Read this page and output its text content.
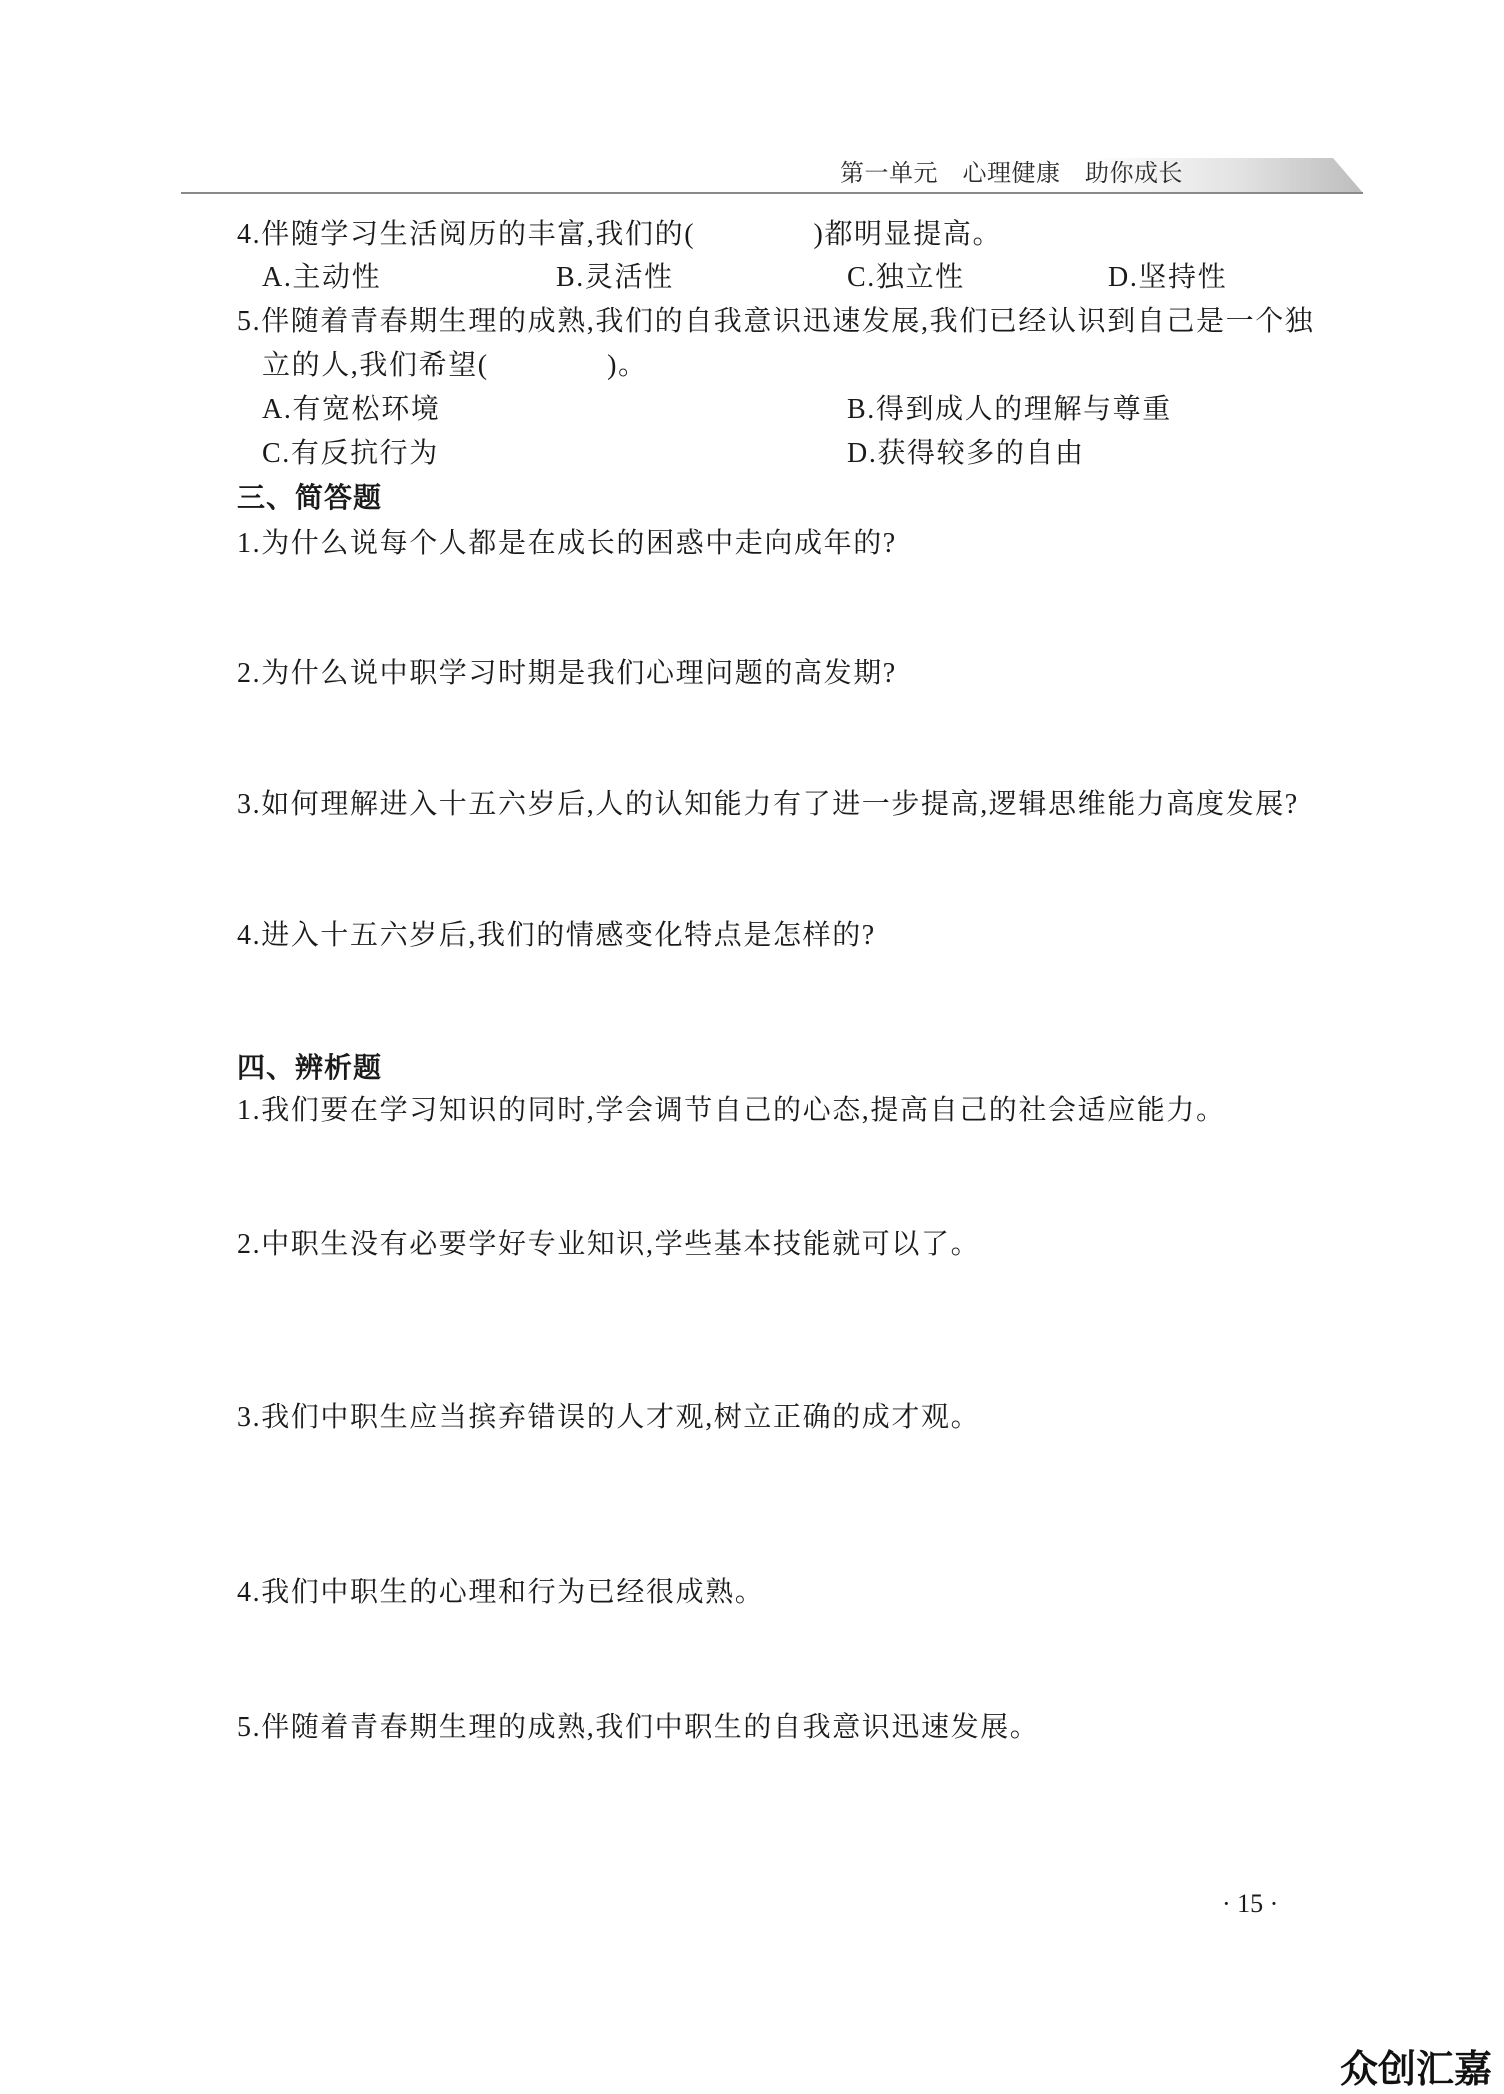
第一单元　心理健康　助你成长
4.伴随学习生活阅历的丰富,我们的(　　　　)都明显提高。
A.主动性	B.灵活性	C.独立性	D.坚持性
5.伴随着青春期生理的成熟,我们的自我意识迅速发展,我们已经认识到自己是一个独
立的人,我们希望(　　　　)。
A.有宽松环境	B.得到成人的理解与尊重
C.有反抗行为	D.获得较多的自由
三、简答题
1.为什么说每个人都是在成长的困惑中走向成年的?
2.为什么说中职学习时期是我们心理问题的高发期?
3.如何理解进入十五六岁后,人的认知能力有了进一步提高,逻辑思维能力高度发展?
4.进入十五六岁后,我们的情感变化特点是怎样的?
四、辨析题
1.我们要在学习知识的同时,学会调节自己的心态,提高自己的社会适应能力。
2.中职生没有必要学好专业知识,学些基本技能就可以了。
3.我们中职生应当摈弃错误的人才观,树立正确的成才观。
4.我们中职生的心理和行为已经很成熟。
5.伴随着青春期生理的成熟,我们中职生的自我意识迅速发展。
· 15 ·
众创汇嘉
